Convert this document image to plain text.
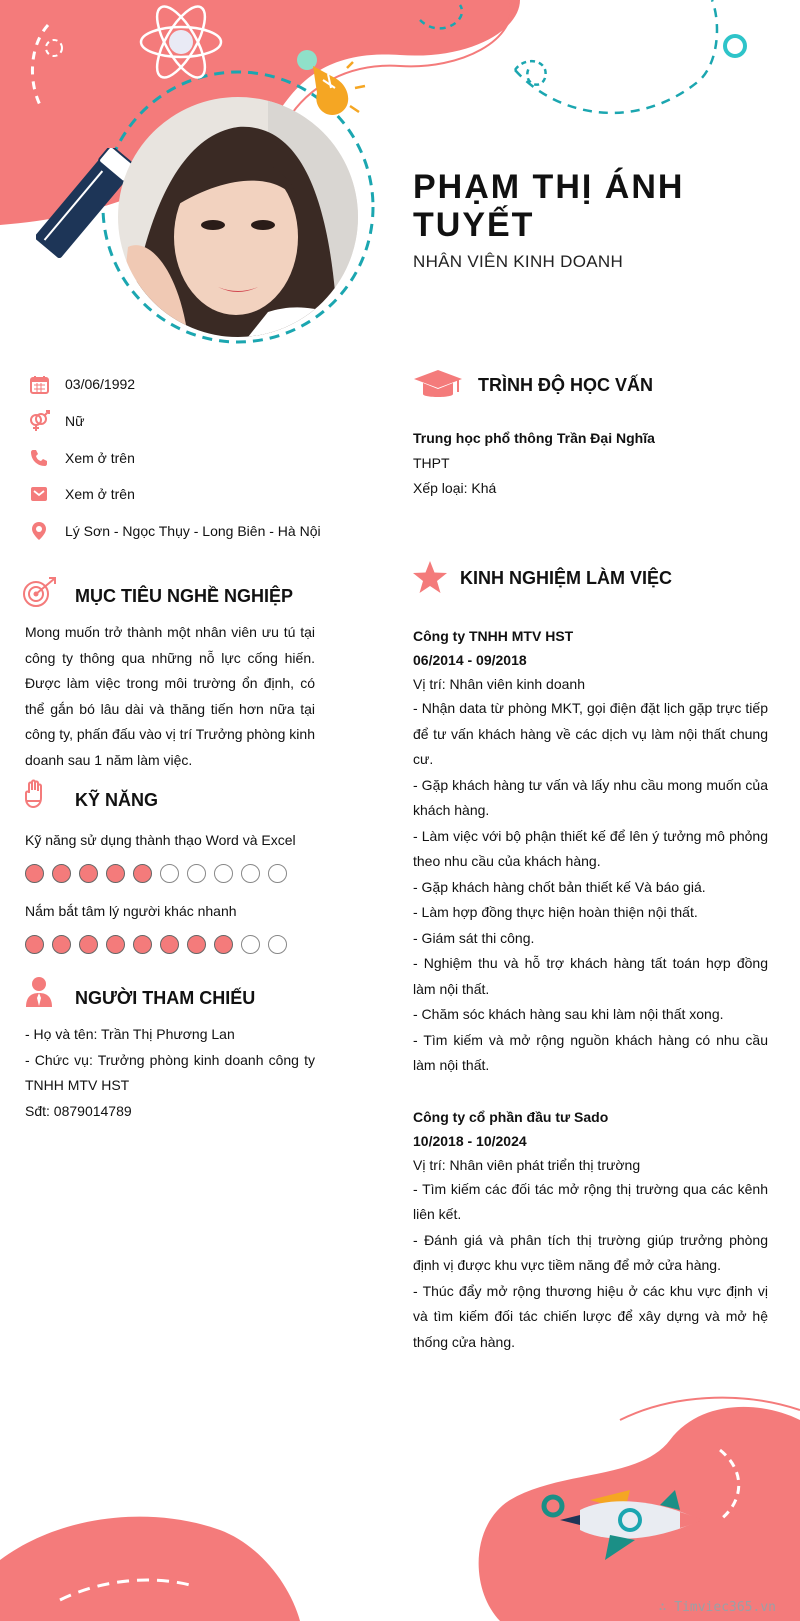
PHẠM THỊ ÁNH TUYẾT
NHÂN VIÊN KINH DOANH
03/06/1992
Nữ
Xem ở trên
Xem ở trên
Lý Sơn - Ngọc Thụy - Long Biên - Hà Nội
MỤC TIÊU NGHỀ NGHIỆP
Mong muốn trở thành một nhân viên ưu tú tại công ty thông qua những nỗ lực cống hiến. Được làm việc trong môi trường ổn định, có thể gắn bó lâu dài và thăng tiến hơn nữa tại công ty, phấn đấu vào vị trí Trưởng phòng kinh doanh sau 1 năm làm việc.
KỸ NĂNG
Kỹ năng sử dụng thành thạo Word và Excel
Nắm bắt tâm lý người khác nhanh
NGƯỜI THAM CHIẾU
- Họ và tên: Trần Thị Phương Lan
- Chức vụ: Trưởng phòng kinh doanh công ty TNHH MTV HST
Sđt: 0879014789
TRÌNH ĐỘ HỌC VẤN
Trung học phổ thông Trần Đại Nghĩa
THPT
Xếp loại: Khá
KINH NGHIỆM LÀM VIỆC
Công ty TNHH MTV HST
06/2014 - 09/2018
Vị trí: Nhân viên kinh doanh
- Nhận data từ phòng MKT, gọi điện đặt lịch gặp trực tiếp để tư vấn khách hàng về các dịch vụ làm nội thất chung cư.
- Gặp khách hàng tư vấn và lấy nhu cầu mong muốn của khách hàng.
- Làm việc với bộ phận thiết kế để lên ý tưởng mô phỏng theo nhu cầu của khách hàng.
- Gặp khách hàng chốt bản thiết kế Và báo giá.
- Làm hợp đồng thực hiện hoàn thiện nội thất.
- Giám sát thi công.
- Nghiệm thu và hỗ trợ khách hàng tất toán hợp đồng làm nội thất.
- Chăm sóc khách hàng sau khi làm nội thất xong.
- Tìm kiếm và mở rộng nguồn khách hàng có nhu cầu làm nội thất.
Công ty cổ phần đầu tư Sado
10/2018 - 10/2024
Vị trí: Nhân viên phát triển thị trường
- Tìm kiếm các đối tác mở rộng thị trường qua các kênh liên kết.
- Đánh giá và phân tích thị trường giúp trưởng phòng định vị được khu vực tiềm năng để mở cửa hàng.
- Thúc đẩy mở rộng thương hiệu ở các khu vực định vị và tìm kiếm đối tác chiến lược để xây dựng và mở hệ thống cửa hàng.
∴ Timviec365.vn
